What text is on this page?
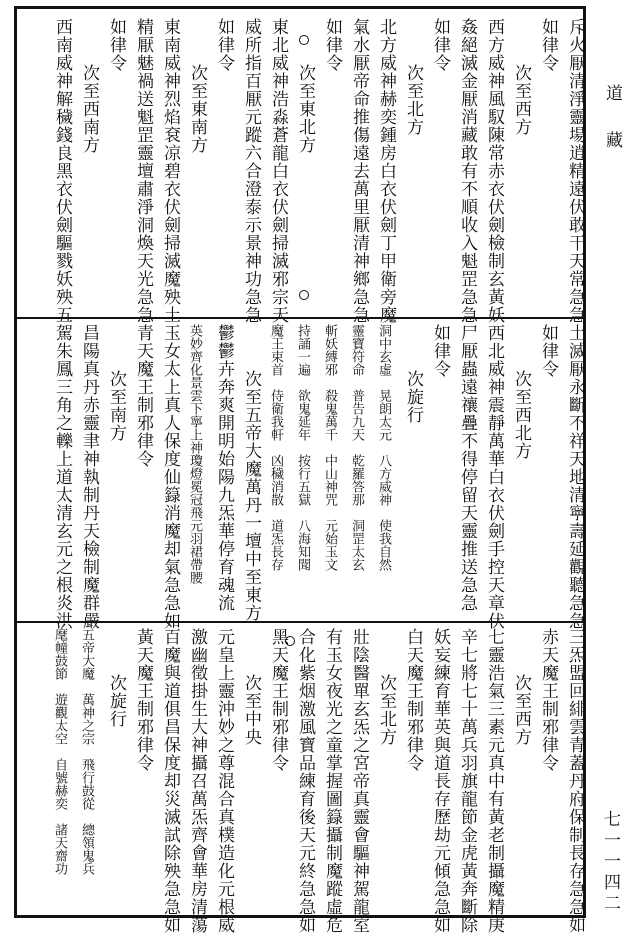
斥火厭清淨靈場逍精遠伏敢干天常急急
如律令
次至西方
西方威神風馭陳常赤衣伏劍檢制玄黃妖
姦絕滅金厭消藏敢有不順收入魁罡急急
如律令
次至北方
北方威神赫奕鍾房白衣伏劍丁甲衛旁魔
氣水厭帝命推傷遠去萬里厭清神鄉急急
如律令
次至東北方
東北威神浩淼蒼龍白衣伏劍掃滅邪宗天
威所指百厭元蹤六合澄泰示景神功急急
如律令
次至東南方
東南威神烈焰袞凉碧衣伏劍掃滅魔殃土
精厭魅禍送魁罡靈壇肅淨洞煥天光急急
如律令
次至西南方
西南威神解穢錢良黑衣伏劍驅戮妖殃五
土滅厭永斷不祥天地清寧壽延觀聽急急
如律令
次至西北方
西北威神震靜萬華白衣伏劍手控天章伏
尸厭蟲遠禳疊不得停留天靈推送急急
如律令
次旋行
洞中玄虛　晃朗太元　八方威神　使我自然
靈寶符命　普告九天　乾羅答那　洞罡太玄
斬妖縛邪　殺鬼萬千　中山神咒　元始玉文
持誦一遍　欲鬼延年　按行五獄　八海知聞
魔王束首　侍衛我軒　凶穢消散　道炁長存
次至五帝大魔萬丹一壇中至東方
鬱鬱卉奔爽開明始陽九炁華停育魂流
英妙齊化景雲下寧上神瓊燈冕冠飛元羽裙帶腰
玉女太上真人保度仙籙消魔却氣急急如
青天魔王制邪律令
次至南方
昌陽真丹赤靈聿神執制丹天檢制魔群嚴
駕朱鳳三角之轢上道太清玄元之根炎洪
三炁盟回緋雲青蓋丹府保制長存急急如
赤天魔王制邪律令
次至西方
七靈浩氣三素元真中有黃老制攝魔精庚
辛七將七十萬兵羽旗龍節金虎黃奔斷除
妖妄練育華英與道長存歷劫元傾急急如
白天魔王制邪律令
次至北方
壯陰醫單玄炁之宮帝真靈會驅神駕龍室
有玉女夜光之童掌握圖籙攝制魔蹤虛危
合化紫烟激風寶品練育後天元終急急如
黑天魔王制邪律令
次至中央
元皇上靈沖妙之尊混合真樸造化元根威
激幽徵掛生大神攝召萬炁齊會華房清蕩
百魔與道俱昌保度却災滅試除殃急急如
黃天魔王制邪律令
次旋行
五帝大魔　萬神之宗　飛行鼓從　總領鬼兵
麾幢鼓節　遊觀太空　自號赫奕　諸天齋功
道藏
七一一四二
